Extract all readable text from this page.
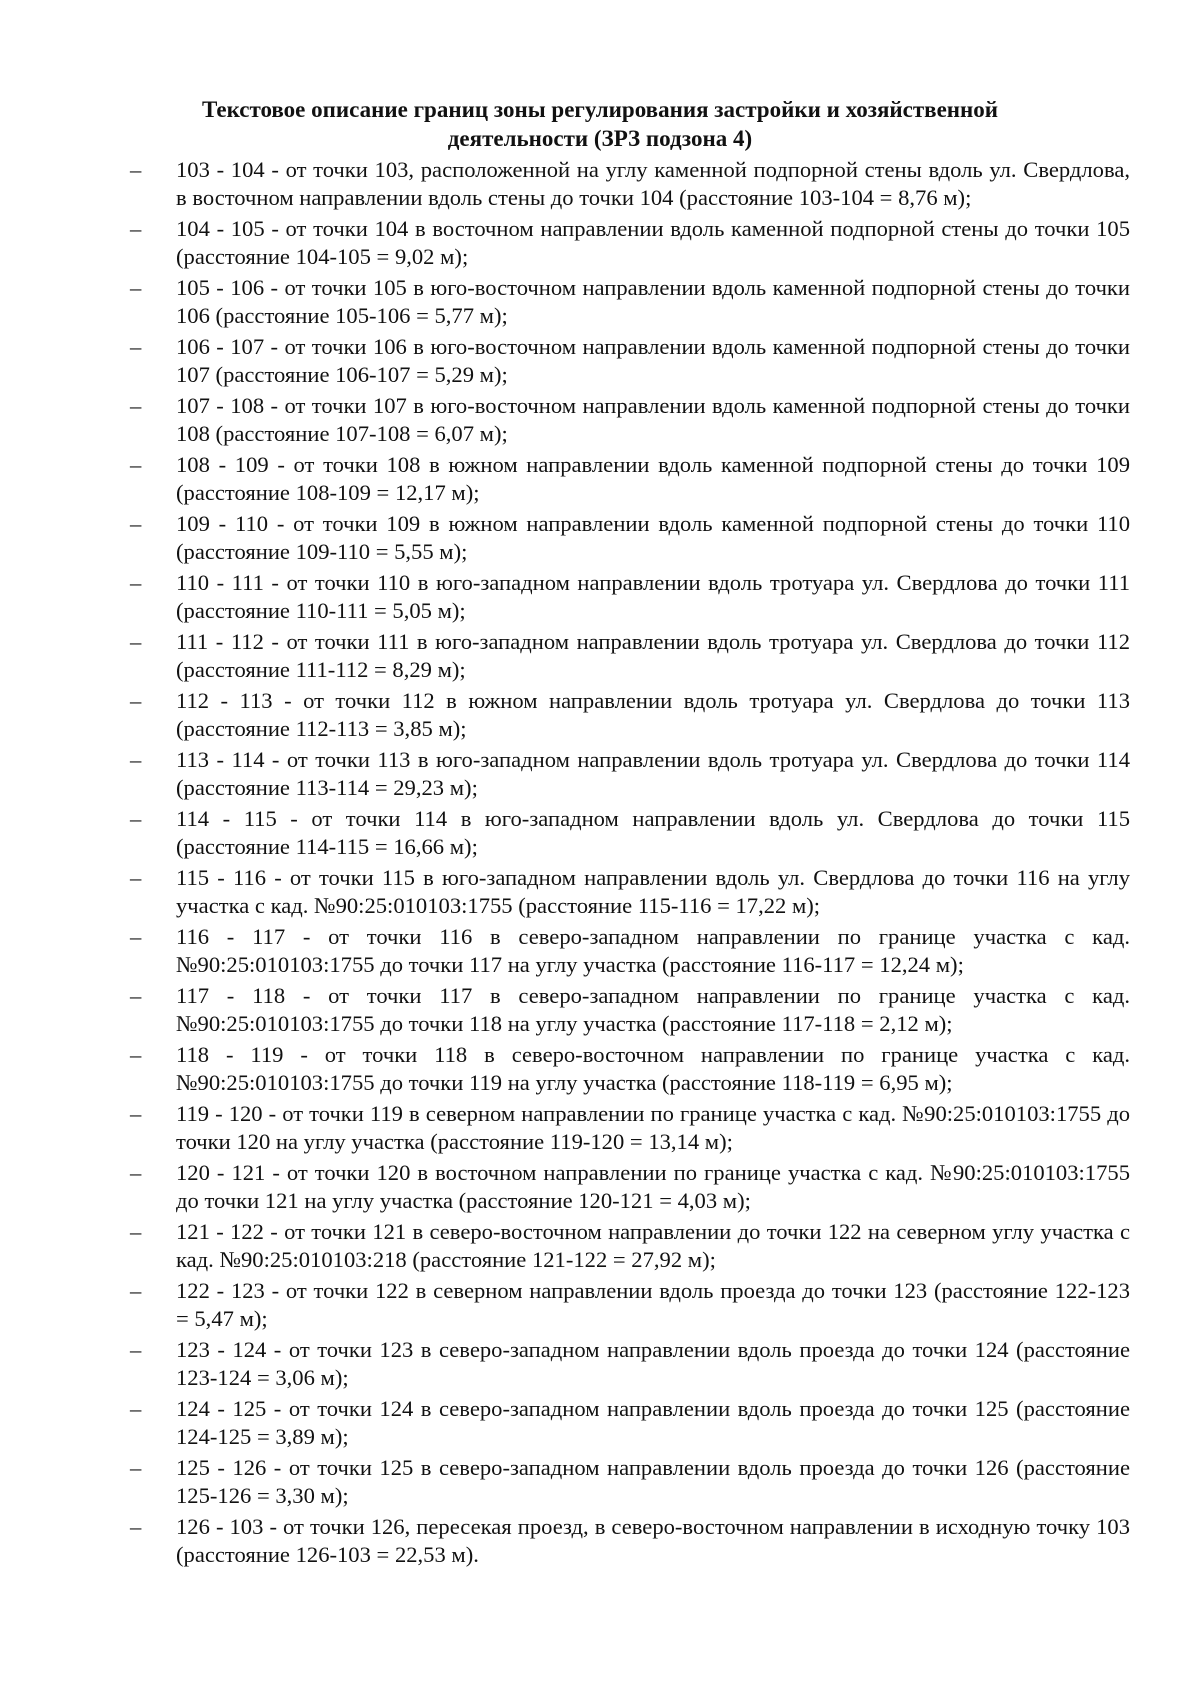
Текстовое описание границ зоны регулирования застройки и хозяйственной
деятельности (ЗРЗ подзона 4)
–	103 - 104 - от точки 103, расположенной на углу каменной подпорной стены вдоль ул. Свердлова, в восточном направлении вдоль стены до точки 104 (расстояние 103-104 = 8,76 м);
–	104 - 105 - от точки 104 в восточном направлении вдоль каменной подпорной стены до точки 105 (расстояние 104-105 = 9,02 м);
–	105 - 106 - от точки 105 в юго-восточном направлении вдоль каменной подпорной стены до точки 106 (расстояние 105-106 = 5,77 м);
–	106 - 107 - от точки 106 в юго-восточном направлении вдоль каменной подпорной стены до точки 107 (расстояние 106-107 = 5,29 м);
–	107 - 108 - от точки 107 в юго-восточном направлении вдоль каменной подпорной стены до точки 108 (расстояние 107-108 = 6,07 м);
–	108 - 109 - от точки 108 в южном направлении вдоль каменной подпорной стены до точки 109 (расстояние 108-109 = 12,17 м);
–	109 - 110 - от точки 109 в южном направлении вдоль каменной подпорной стены до точки 110 (расстояние 109-110 = 5,55 м);
–	110 - 111 - от точки 110 в юго-западном направлении вдоль тротуара ул. Свердлова до точки 111 (расстояние 110-111 = 5,05 м);
–	111 - 112 - от точки 111 в юго-западном направлении вдоль тротуара ул. Свердлова до точки 112 (расстояние 111-112 = 8,29 м);
–	112 - 113 - от точки 112 в южном направлении вдоль тротуара ул. Свердлова до точки 113 (расстояние 112-113 = 3,85 м);
–	113 - 114 - от точки 113 в юго-западном направлении вдоль тротуара ул. Свердлова до точки 114 (расстояние 113-114 = 29,23 м);
–	114 - 115 - от точки 114 в юго-западном направлении вдоль ул. Свердлова до точки 115 (расстояние 114-115 = 16,66 м);
–	115 - 116 - от точки 115 в юго-западном направлении вдоль ул. Свердлова до точки 116 на углу участка с кад. №90:25:010103:1755 (расстояние 115-116 = 17,22 м);
–	116 - 117 - от точки 116 в северо-западном направлении по границе участка с кад. №90:25:010103:1755 до точки 117 на углу участка (расстояние 116-117 = 12,24 м);
–	117 - 118 - от точки 117 в северо-западном направлении по границе участка с кад. №90:25:010103:1755 до точки 118 на углу участка (расстояние 117-118 = 2,12 м);
–	118 - 119 - от точки 118 в северо-восточном направлении по границе участка с кад. №90:25:010103:1755 до точки 119 на углу участка (расстояние 118-119 = 6,95 м);
–	119 - 120 - от точки 119 в северном направлении по границе участка с кад. №90:25:010103:1755 до точки 120 на углу участка (расстояние 119-120 = 13,14 м);
–	120 - 121 - от точки 120 в восточном направлении по границе участка с кад. №90:25:010103:1755 до точки 121 на углу участка (расстояние 120-121 = 4,03 м);
–	121 - 122 - от точки 121 в северо-восточном направлении до точки 122 на северном углу участка с кад. №90:25:010103:218 (расстояние 121-122 = 27,92 м);
–	122 - 123 - от точки 122 в северном направлении вдоль проезда до точки 123 (расстояние 122-123 = 5,47 м);
–	123 - 124 - от точки 123 в северо-западном направлении вдоль проезда до точки 124 (расстояние 123-124 = 3,06 м);
–	124 - 125 - от точки 124 в северо-западном направлении вдоль проезда до точки 125 (расстояние 124-125 = 3,89 м);
–	125 - 126 - от точки 125 в северо-западном направлении вдоль проезда до точки 126 (расстояние 125-126 = 3,30 м);
–	126 - 103 - от точки 126, пересекая проезд, в северо-восточном направлении в исходную точку 103 (расстояние 126-103 = 22,53 м).
